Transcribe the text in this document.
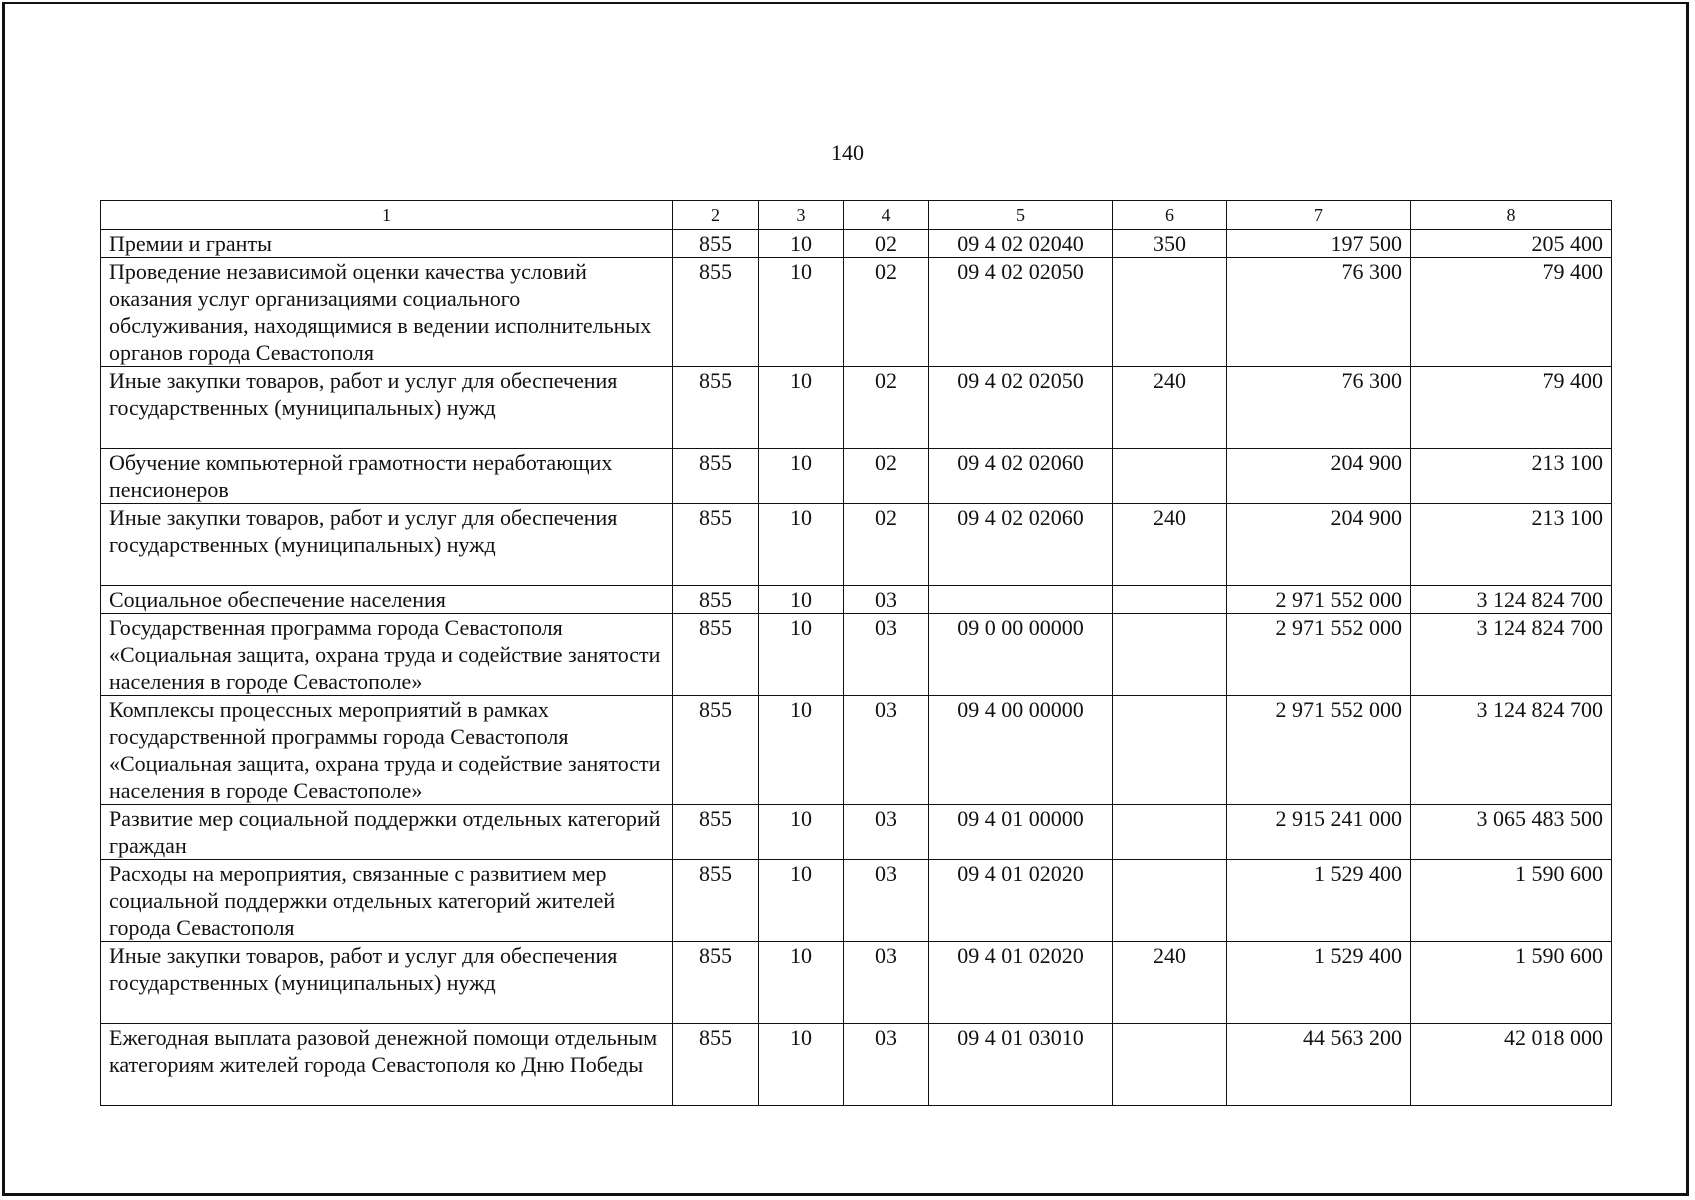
140
1	2	3	4	5	6	7	8
Премии и гранты	855	10	02	09 4 02 02040	350	197 500	205 400
Проведение независимой оценки качества условий оказания услуг организациями социального обслуживания, находящимися в ведении исполнительных органов города Севастополя	855	10	02	09 4 02 02050		76 300	79 400
Иные закупки товаров, работ и услуг для обеспечения государственных (муниципальных) нужд	855	10	02	09 4 02 02050	240	76 300	79 400
Обучение компьютерной грамотности неработающих пенсионеров	855	10	02	09 4 02 02060		204 900	213 100
Иные закупки товаров, работ и услуг для обеспечения государственных (муниципальных) нужд	855	10	02	09 4 02 02060	240	204 900	213 100
Социальное обеспечение населения	855	10	03			2 971 552 000	3 124 824 700
Государственная программа города Севастополя «Социальная защита, охрана труда и содействие занятости населения в городе Севастополе»	855	10	03	09 0 00 00000		2 971 552 000	3 124 824 700
Комплексы процессных мероприятий в рамках государственной программы города Севастополя «Социальная защита, охрана труда и содействие занятости населения в городе Севастополе»	855	10	03	09 4 00 00000		2 971 552 000	3 124 824 700
Развитие мер социальной поддержки отдельных категорий граждан	855	10	03	09 4 01 00000		2 915 241 000	3 065 483 500
Расходы на мероприятия, связанные с развитием мер социальной поддержки отдельных категорий жителей города Севастополя	855	10	03	09 4 01 02020		1 529 400	1 590 600
Иные закупки товаров, работ и услуг для обеспечения государственных (муниципальных) нужд	855	10	03	09 4 01 02020	240	1 529 400	1 590 600
Ежегодная выплата разовой денежной помощи отдельным категориям жителей города Севастополя ко Дню Победы	855	10	03	09 4 01 03010		44 563 200	42 018 000
